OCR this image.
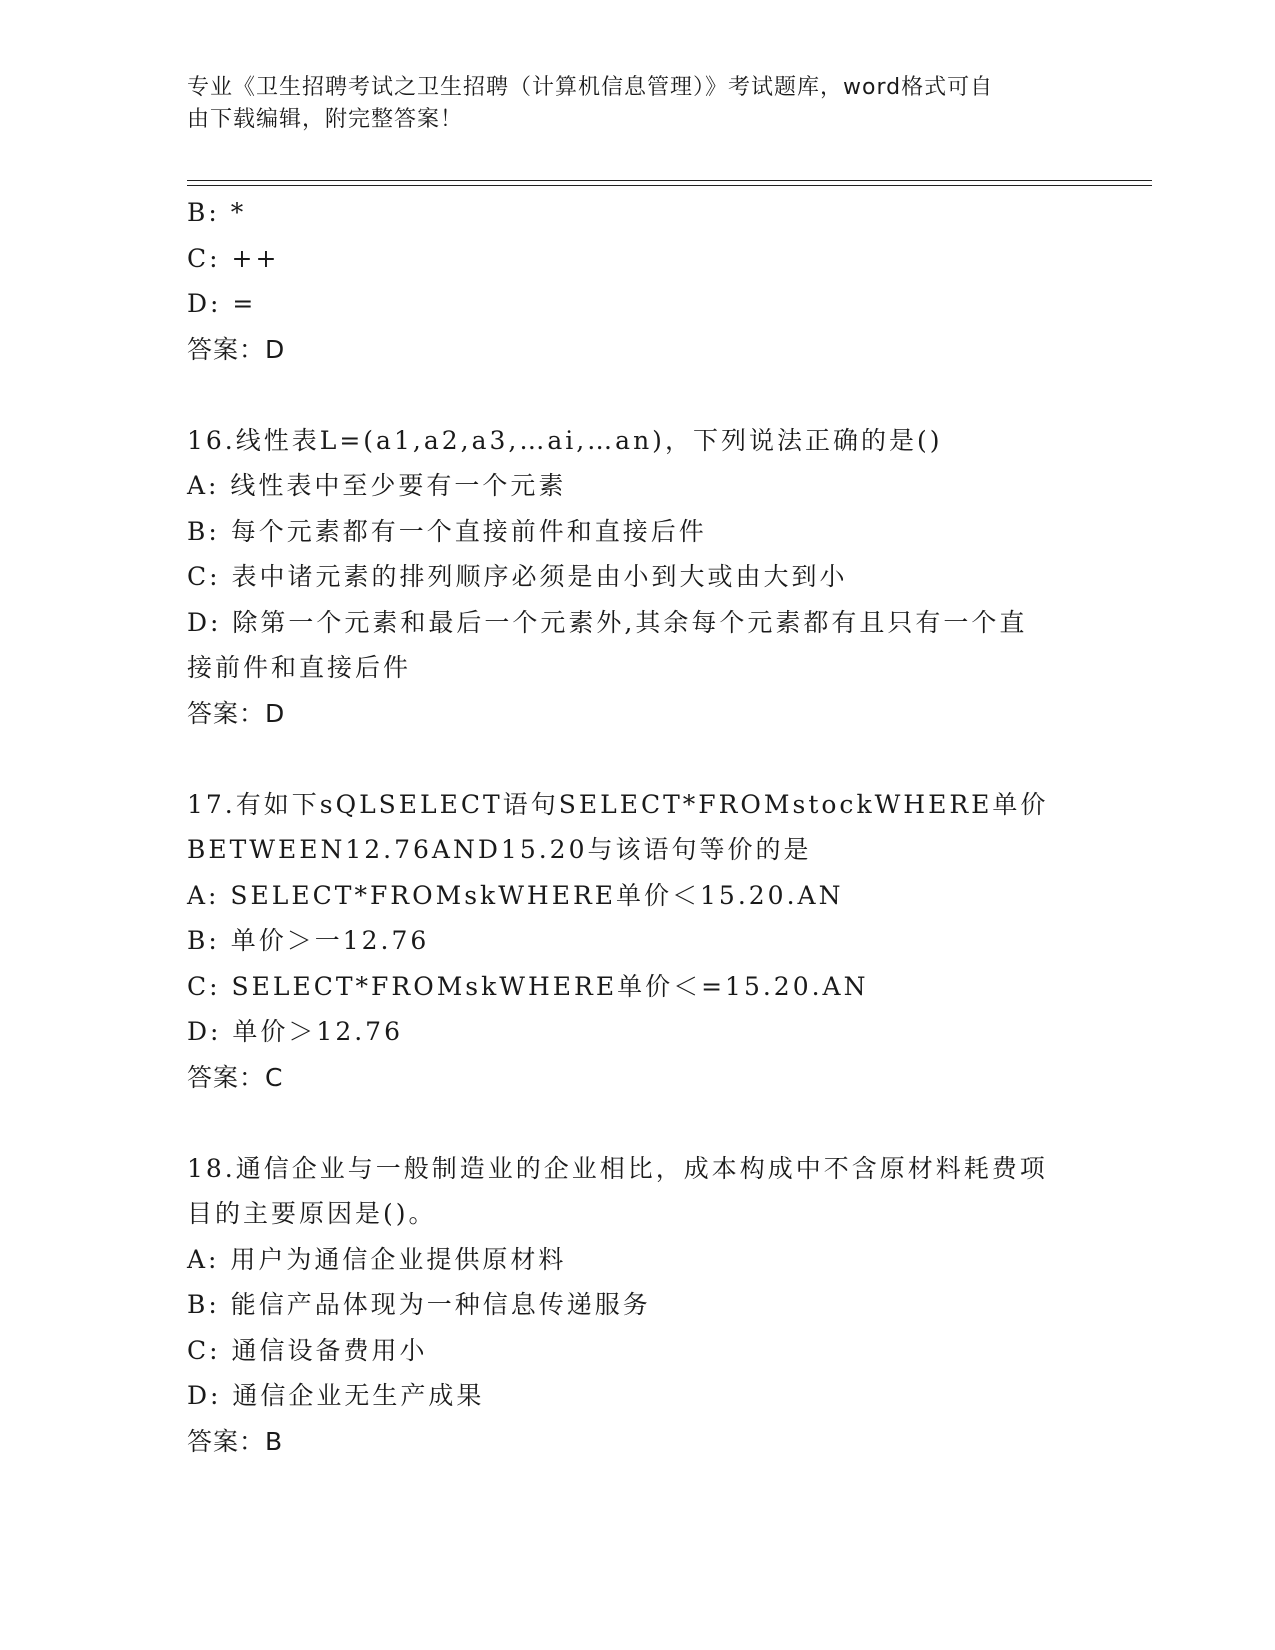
专业《卫生招聘考试之卫生招聘（计算机信息管理）》考试题库，word格式可自
由下载编辑，附完整答案！
B: *
C: ++
D: =
答案：D
16.线性表L=(a1,a2,a3,…ai,…an)，下列说法正确的是()
A: 线性表中至少要有一个元素
B: 每个元素都有一个直接前件和直接后件
C: 表中诸元素的排列顺序必须是由小到大或由大到小
D: 除第一个元素和最后一个元素外,其余每个元素都有且只有一个直
接前件和直接后件
答案：D
17.有如下sQLSELECT语句SELECT*FROMstockWHERE单价
BETWEEN12.76AND15.20与该语句等价的是
A: SELECT*FROMskWHERE单价＜15.20.AN
B: 单价＞一12.76
C: SELECT*FROMskWHERE单价＜=15.20.AN
D: 单价＞12.76
答案：C
18.通信企业与一般制造业的企业相比，成本构成中不含原材料耗费项
目的主要原因是()。
A: 用户为通信企业提供原材料
B: 能信产品体现为一种信息传递服务
C: 通信设备费用小
D: 通信企业无生产成果
答案：B
